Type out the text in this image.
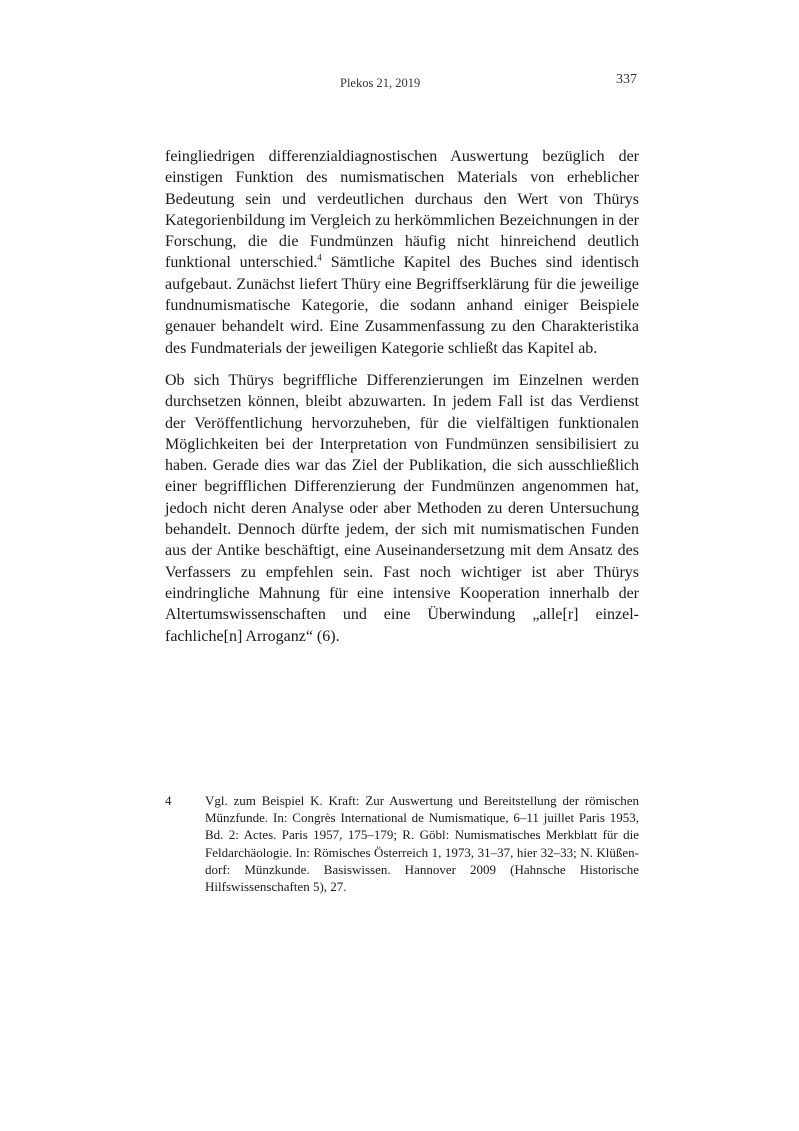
Plekos 21, 2019	337

feingliedrigen differenzialdiagnostischen Auswertung bezüglich der einstigen Funktion des numismatischen Materials von erheblicher Bedeutung sein und verdeutlichen durchaus den Wert von Thürys Kategorienbildung im Vergleich zu herkömmlichen Bezeichnungen in der Forschung, die die Fundmünzen häufig nicht hinreichend deutlich funktional unterschied.$^4$ Sämtliche Kapitel des Buches sind identisch aufgebaut. Zunächst liefert Thüry eine Begriffserklärung für die jeweilige fundnumismatische Kategorie, die sodann anhand einiger Beispiele genauer behandelt wird. Eine Zusammenfassung zu den Charakteristika des Fundmaterials der jeweiligen Kategorie schließt das Kapitel ab.

Ob sich Thürys begriffliche Differenzierungen im Einzelnen werden durchsetzen können, bleibt abzuwarten. In jedem Fall ist das Verdienst der Veröffentlichung hervorzuheben, für die vielfältigen funktionalen Möglichkeiten bei der Interpretation von Fundmünzen sensibilisiert zu haben. Gerade dies war das Ziel der Publikation, die sich ausschließlich einer begrifflichen Differenzierung der Fundmünzen angenommen hat, jedoch nicht deren Analyse oder aber Methoden zu deren Untersuchung behandelt. Dennoch dürfte jedem, der sich mit numismatischen Funden aus der Antike beschäftigt, eine Auseinandersetzung mit dem Ansatz des Verfassers zu empfehlen sein. Fast noch wichtiger ist aber Thürys eindringliche Mahnung für eine intensive Kooperation innerhalb der Altertumswissenschaften und eine Überwindung „alle[r] einzel-fachliche[n] Arroganz“ (6).

4	Vgl. zum Beispiel K. Kraft: Zur Auswertung und Bereitstellung der römischen Münzfunde. In: Congrès International de Numismatique, 6–11 juillet Paris 1953, Bd. 2: Actes. Paris 1957, 175–179; R. Göbl: Numismatisches Merkblatt für die Feldarchäologie. In: Römisches Österreich 1, 1973, 31–37, hier 32–33; N. Klüßendorf: Münzkunde. Basiswissen. Hannover 2009 (Hahnsche Historische Hilfswissenschaften 5), 27.
